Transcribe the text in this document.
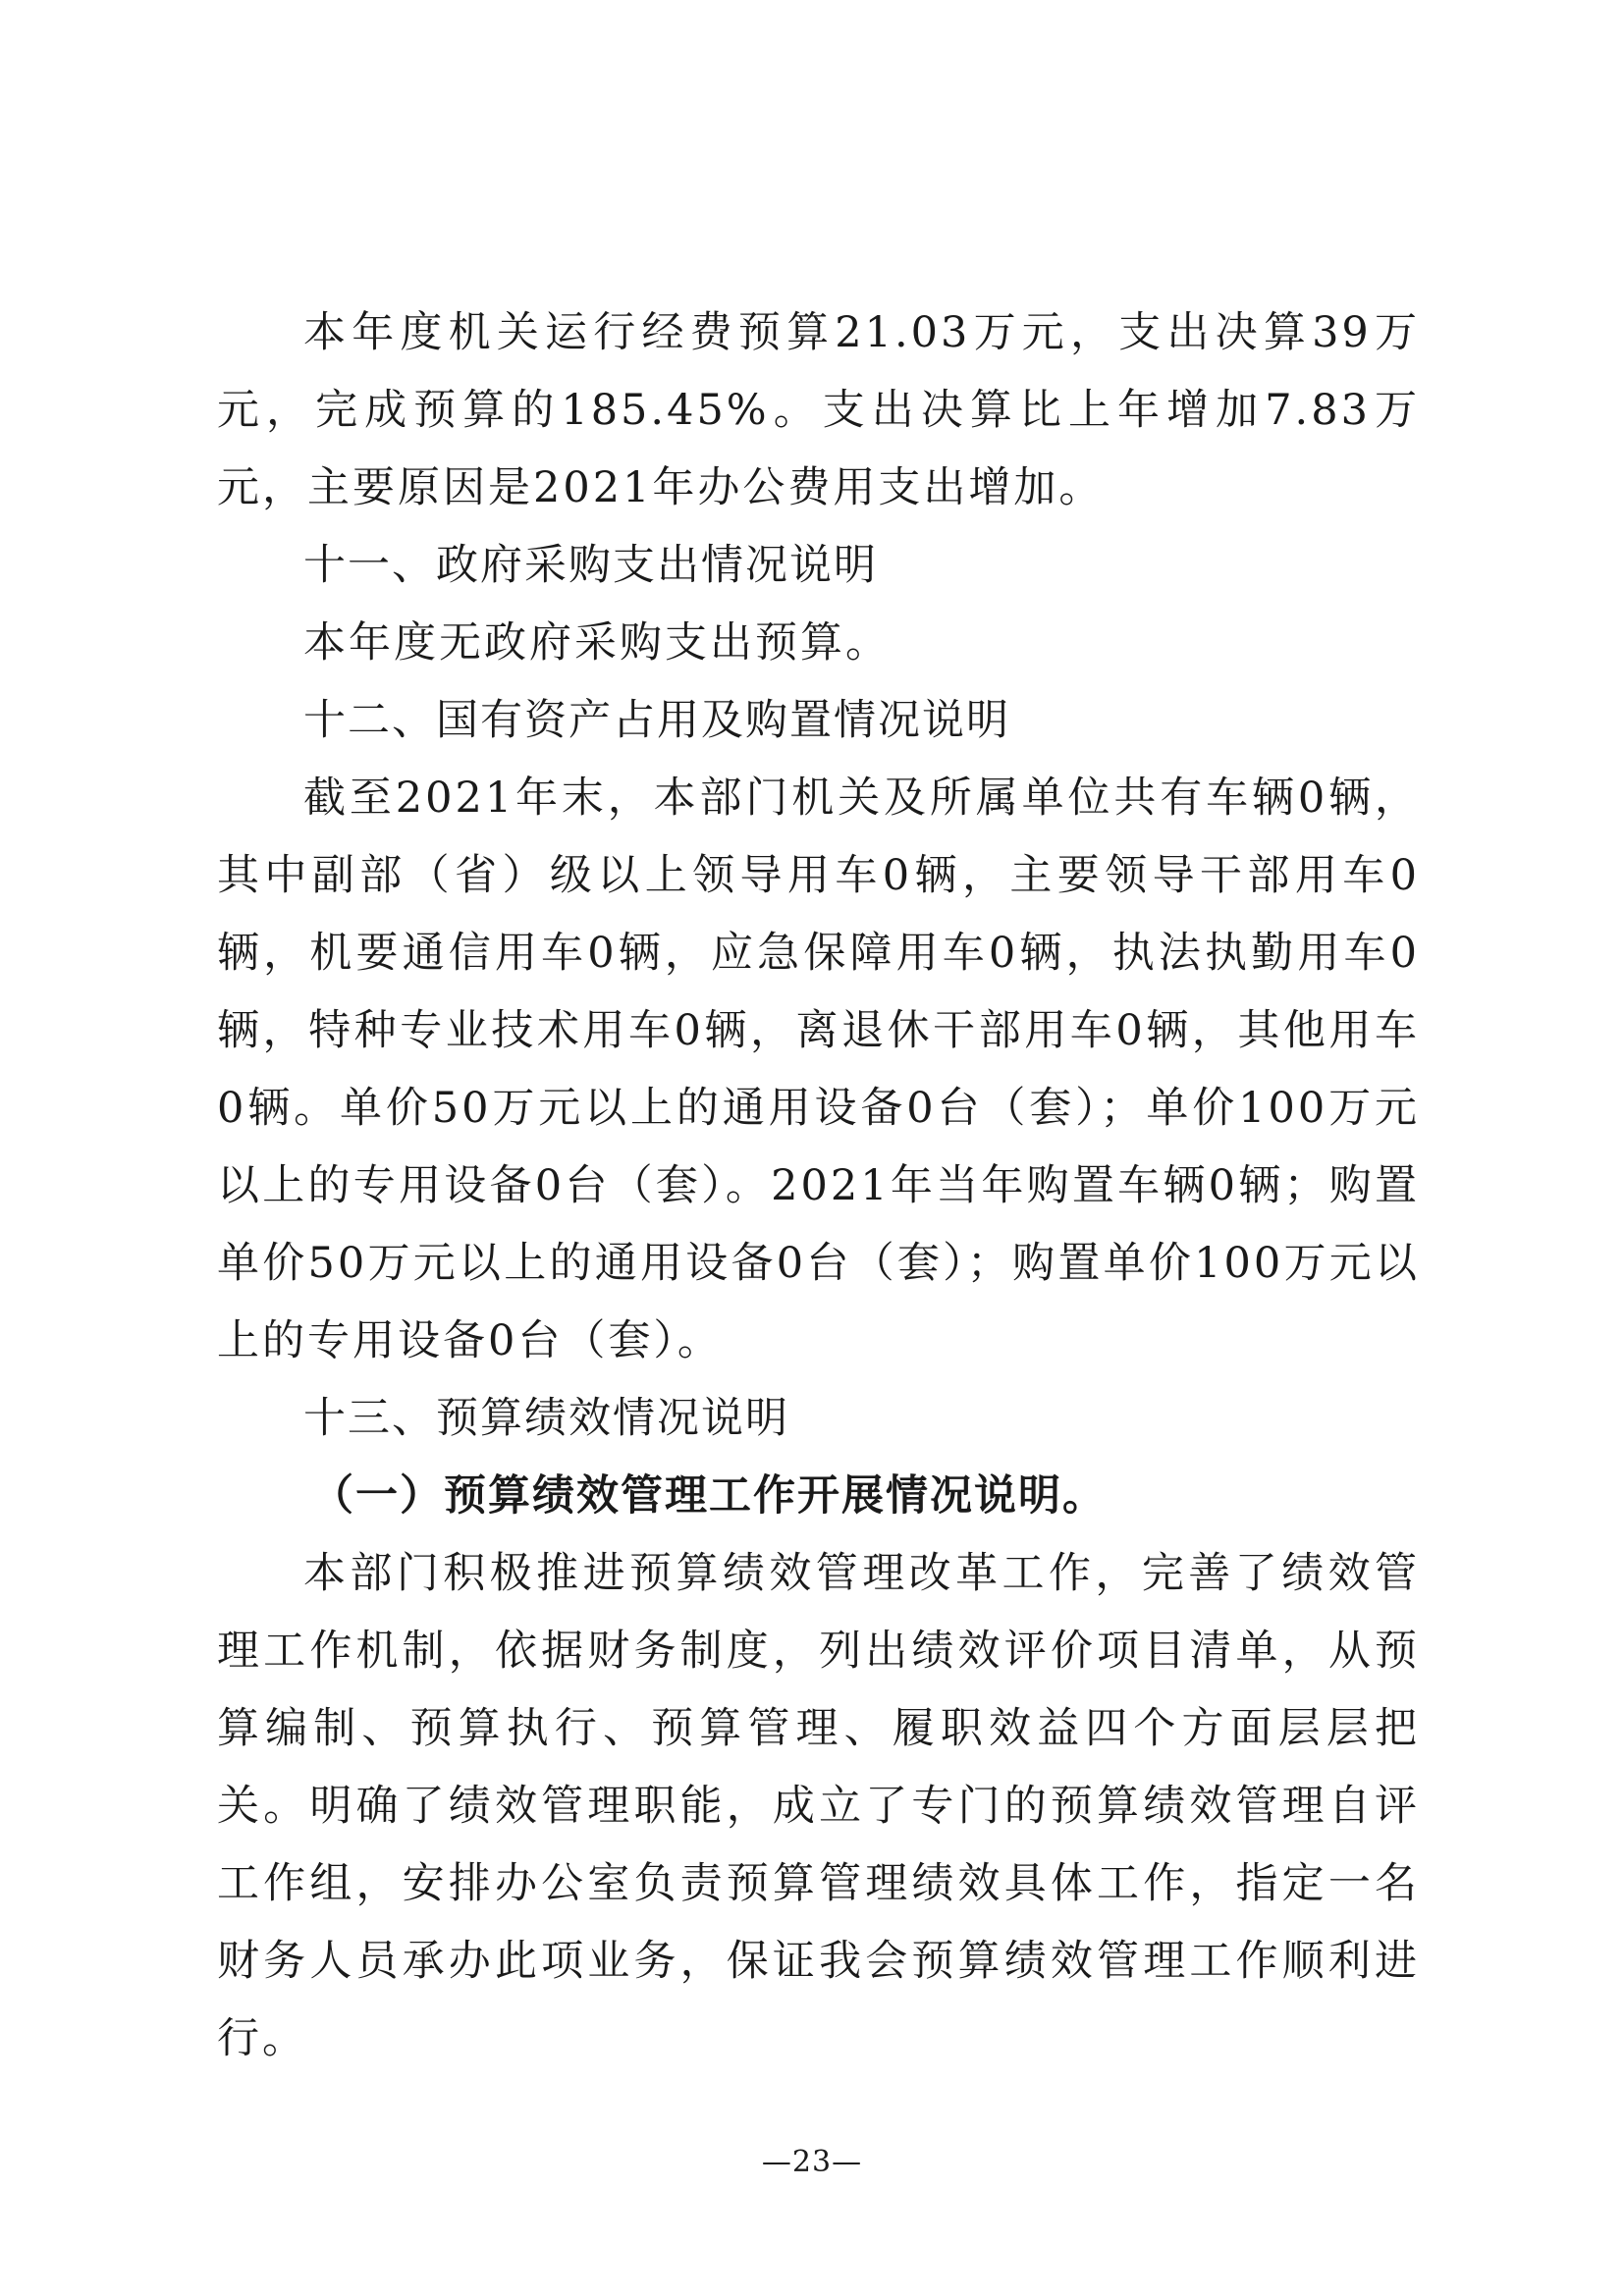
本年度机关运行经费预算21.03万元，支出决算39万元，完成预算的185.45%。支出决算比上年增加7.83万元，主要原因是2021年办公费用支出增加。

十一、政府采购支出情况说明

本年度无政府采购支出预算。

十二、国有资产占用及购置情况说明

截至2021年末，本部门机关及所属单位共有车辆0辆，其中副部（省）级以上领导用车0辆，主要领导干部用车0辆，机要通信用车0辆，应急保障用车0辆，执法执勤用车0辆，特种专业技术用车0辆，离退休干部用车0辆，其他用车0辆。单价50万元以上的通用设备0台（套）；单价100万元以上的专用设备0台（套）。2021年当年购置车辆0辆；购置单价50万元以上的通用设备0台（套）；购置单价100万元以上的专用设备0台（套）。

十三、预算绩效情况说明
（一）预算绩效管理工作开展情况说明。

本部门积极推进预算绩效管理改革工作，完善了绩效管理工作机制，依据财务制度，列出绩效评价项目清单，从预算编制、预算执行、预算管理、履职效益四个方面层层把关。明确了绩效管理职能，成立了专门的预算绩效管理自评工作组，安排办公室负责预算管理绩效具体工作，指定一名财务人员承办此项业务，保证我会预算绩效管理工作顺利进行。

—23—
